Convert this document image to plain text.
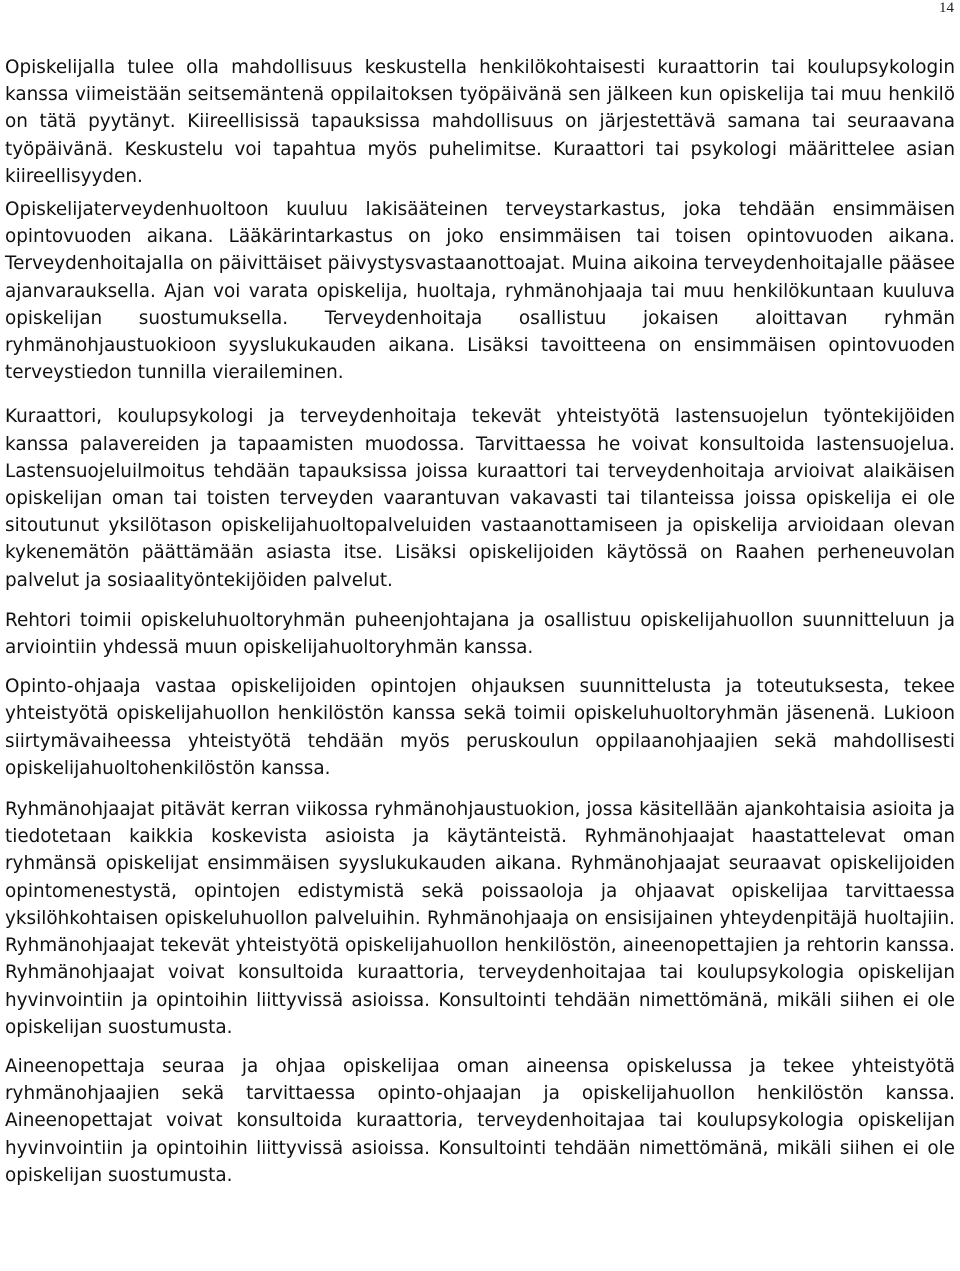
14

Opiskelijalla tulee olla mahdollisuus keskustella henkilökohtaisesti kuraattorin tai koulupsykologin kanssa viimeistään seitsemäntenä oppilaitoksen työpäivänä sen jälkeen kun opiskelija tai muu henkilö on tätä pyytänyt. Kiireellisissä tapauksissa mahdollisuus on järjestettävä samana tai seuraavana työpäivänä. Keskustelu voi tapahtua myös puhelimitse. Kuraattori tai psykologi määrittelee asian kiireellisyyden.

Opiskelijaterveydenhuoltoon kuuluu lakisääteinen terveystarkastus, joka tehdään ensimmäisen opintovuoden aikana. Lääkärintarkastus on joko ensimmäisen tai toisen opintovuoden aikana. Terveydenhoitajalla on päivittäiset päivystysvastaanottoajat. Muina aikoina terveydenhoitajalle pääsee ajanvarauksella. Ajan voi varata opiskelija, huoltaja, ryhmänohjaaja tai muu henkilökuntaan kuuluva opiskelijan suostumuksella. Terveydenhoitaja osallistuu jokaisen aloittavan ryhmän ryhmänohjaustuokioon syyslukukauden aikana. Lisäksi tavoitteena on ensimmäisen opintovuoden terveystiedon tunnilla vieraileminen.

Kuraattori, koulupsykologi ja terveydenhoitaja tekevät yhteistyötä lastensuojelun työntekijöiden kanssa palavereiden ja tapaamisten muodossa. Tarvittaessa he voivat konsultoida lastensuojelua. Lastensuojeluilmoitus tehdään tapauksissa joissa kuraattori tai terveydenhoitaja arvioivat alaikäisen opiskelijan oman tai toisten terveyden vaarantuvan vakavasti tai tilanteissa joissa opiskelija ei ole sitoutunut yksilötason opiskelijahuoltopalveluiden vastaanottamiseen ja opiskelija arvioidaan olevan kykenemätön päättämään asiasta itse. Lisäksi opiskelijoiden käytössä on Raahen perheneuvolan palvelut ja sosiaalityöntekijöiden palvelut.

Rehtori toimii opiskeluhuoltoryhmän puheenjohtajana ja osallistuu opiskelijahuollon suunnitteluun ja arviointiin yhdessä muun opiskelijahuoltoryhmän kanssa.

Opinto-ohjaaja vastaa opiskelijoiden opintojen ohjauksen suunnittelusta ja toteutuksesta, tekee yhteistyötä opiskelijahuollon henkilöstön kanssa sekä toimii opiskeluhuoltoryhmän jäsenenä. Lukioon siirtymävaiheessa yhteistyötä tehdään myös peruskoulun oppilaanohjaajien sekä mahdollisesti opiskelijahuoltohenkilöstön kanssa.

Ryhmänohjaajat pitävät kerran viikossa ryhmänohjaustuokion, jossa käsitellään ajankohtaisia asioita ja tiedotetaan kaikkia koskevista asioista ja käytänteistä. Ryhmänohjaajat haastattelevat oman ryhmänsä opiskelijat ensimmäisen syyslukukauden aikana. Ryhmänohjaajat seuraavat opiskelijoiden opintomenestystä, opintojen edistymistä sekä poissaoloja ja ohjaavat opiskelijaa tarvittaessa yksilöhkohtaisen opiskeluhuollon palveluihin. Ryhmänohjaaja on ensisijainen yhteydenpitäjä huoltajiin. Ryhmänohjaajat tekevät yhteistyötä opiskelijahuollon henkilöstön, aineenopettajien ja rehtorin kanssa. Ryhmänohjaajat voivat konsultoida kuraattoria, terveydenhoitajaa tai koulupsykologia opiskelijan hyvinvointiin ja opintoihin liittyvissä asioissa. Konsultointi tehdään nimettömänä, mikäli siihen ei ole opiskelijan suostumusta.

Aineenopettaja seuraa ja ohjaa opiskelijaa oman aineensa opiskelussa ja tekee yhteistyötä ryhmänohjaajien sekä tarvittaessa opinto-ohjaajan ja opiskelijahuollon henkilöstön kanssa. Aineenopettajat voivat konsultoida kuraattoria, terveydenhoitajaa tai koulupsykologia opiskelijan hyvinvointiin ja opintoihin liittyvissä asioissa. Konsultointi tehdään nimettömänä, mikäli siihen ei ole opiskelijan suostumusta.
